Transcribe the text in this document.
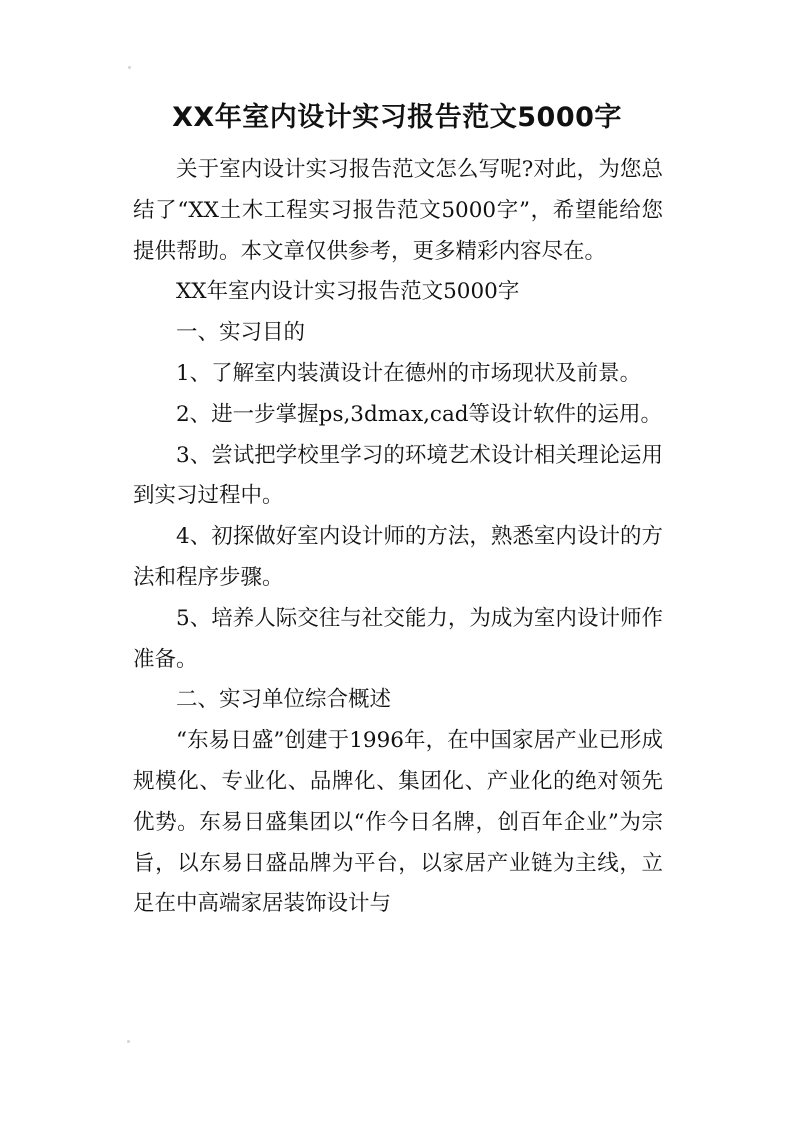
XX年室内设计实习报告范文5000字

关于室内设计实习报告范文怎么写呢?对此，为您总结了“XX土木工程实习报告范文5000字”，希望能给您提供帮助。本文章仅供参考，更多精彩内容尽在。

XX年室内设计实习报告范文5000字

一、实习目的

1、了解室内装潢设计在德州的市场现状及前景。

2、进一步掌握ps,3dmax,cad等设计软件的运用。

3、尝试把学校里学习的环境艺术设计相关理论运用到实习过程中。

4、初探做好室内设计师的方法，熟悉室内设计的方法和程序步骤。

5、培养人际交往与社交能力，为成为室内设计师作准备。

二、实习单位综合概述

“东易日盛”创建于1996年，在中国家居产业已形成规模化、专业化、品牌化、集团化、产业化的绝对领先优势。东易日盛集团以“作今日名牌，创百年企业”为宗旨，以东易日盛品牌为平台，以家居产业链为主线，立足在中高端家居装饰设计与
